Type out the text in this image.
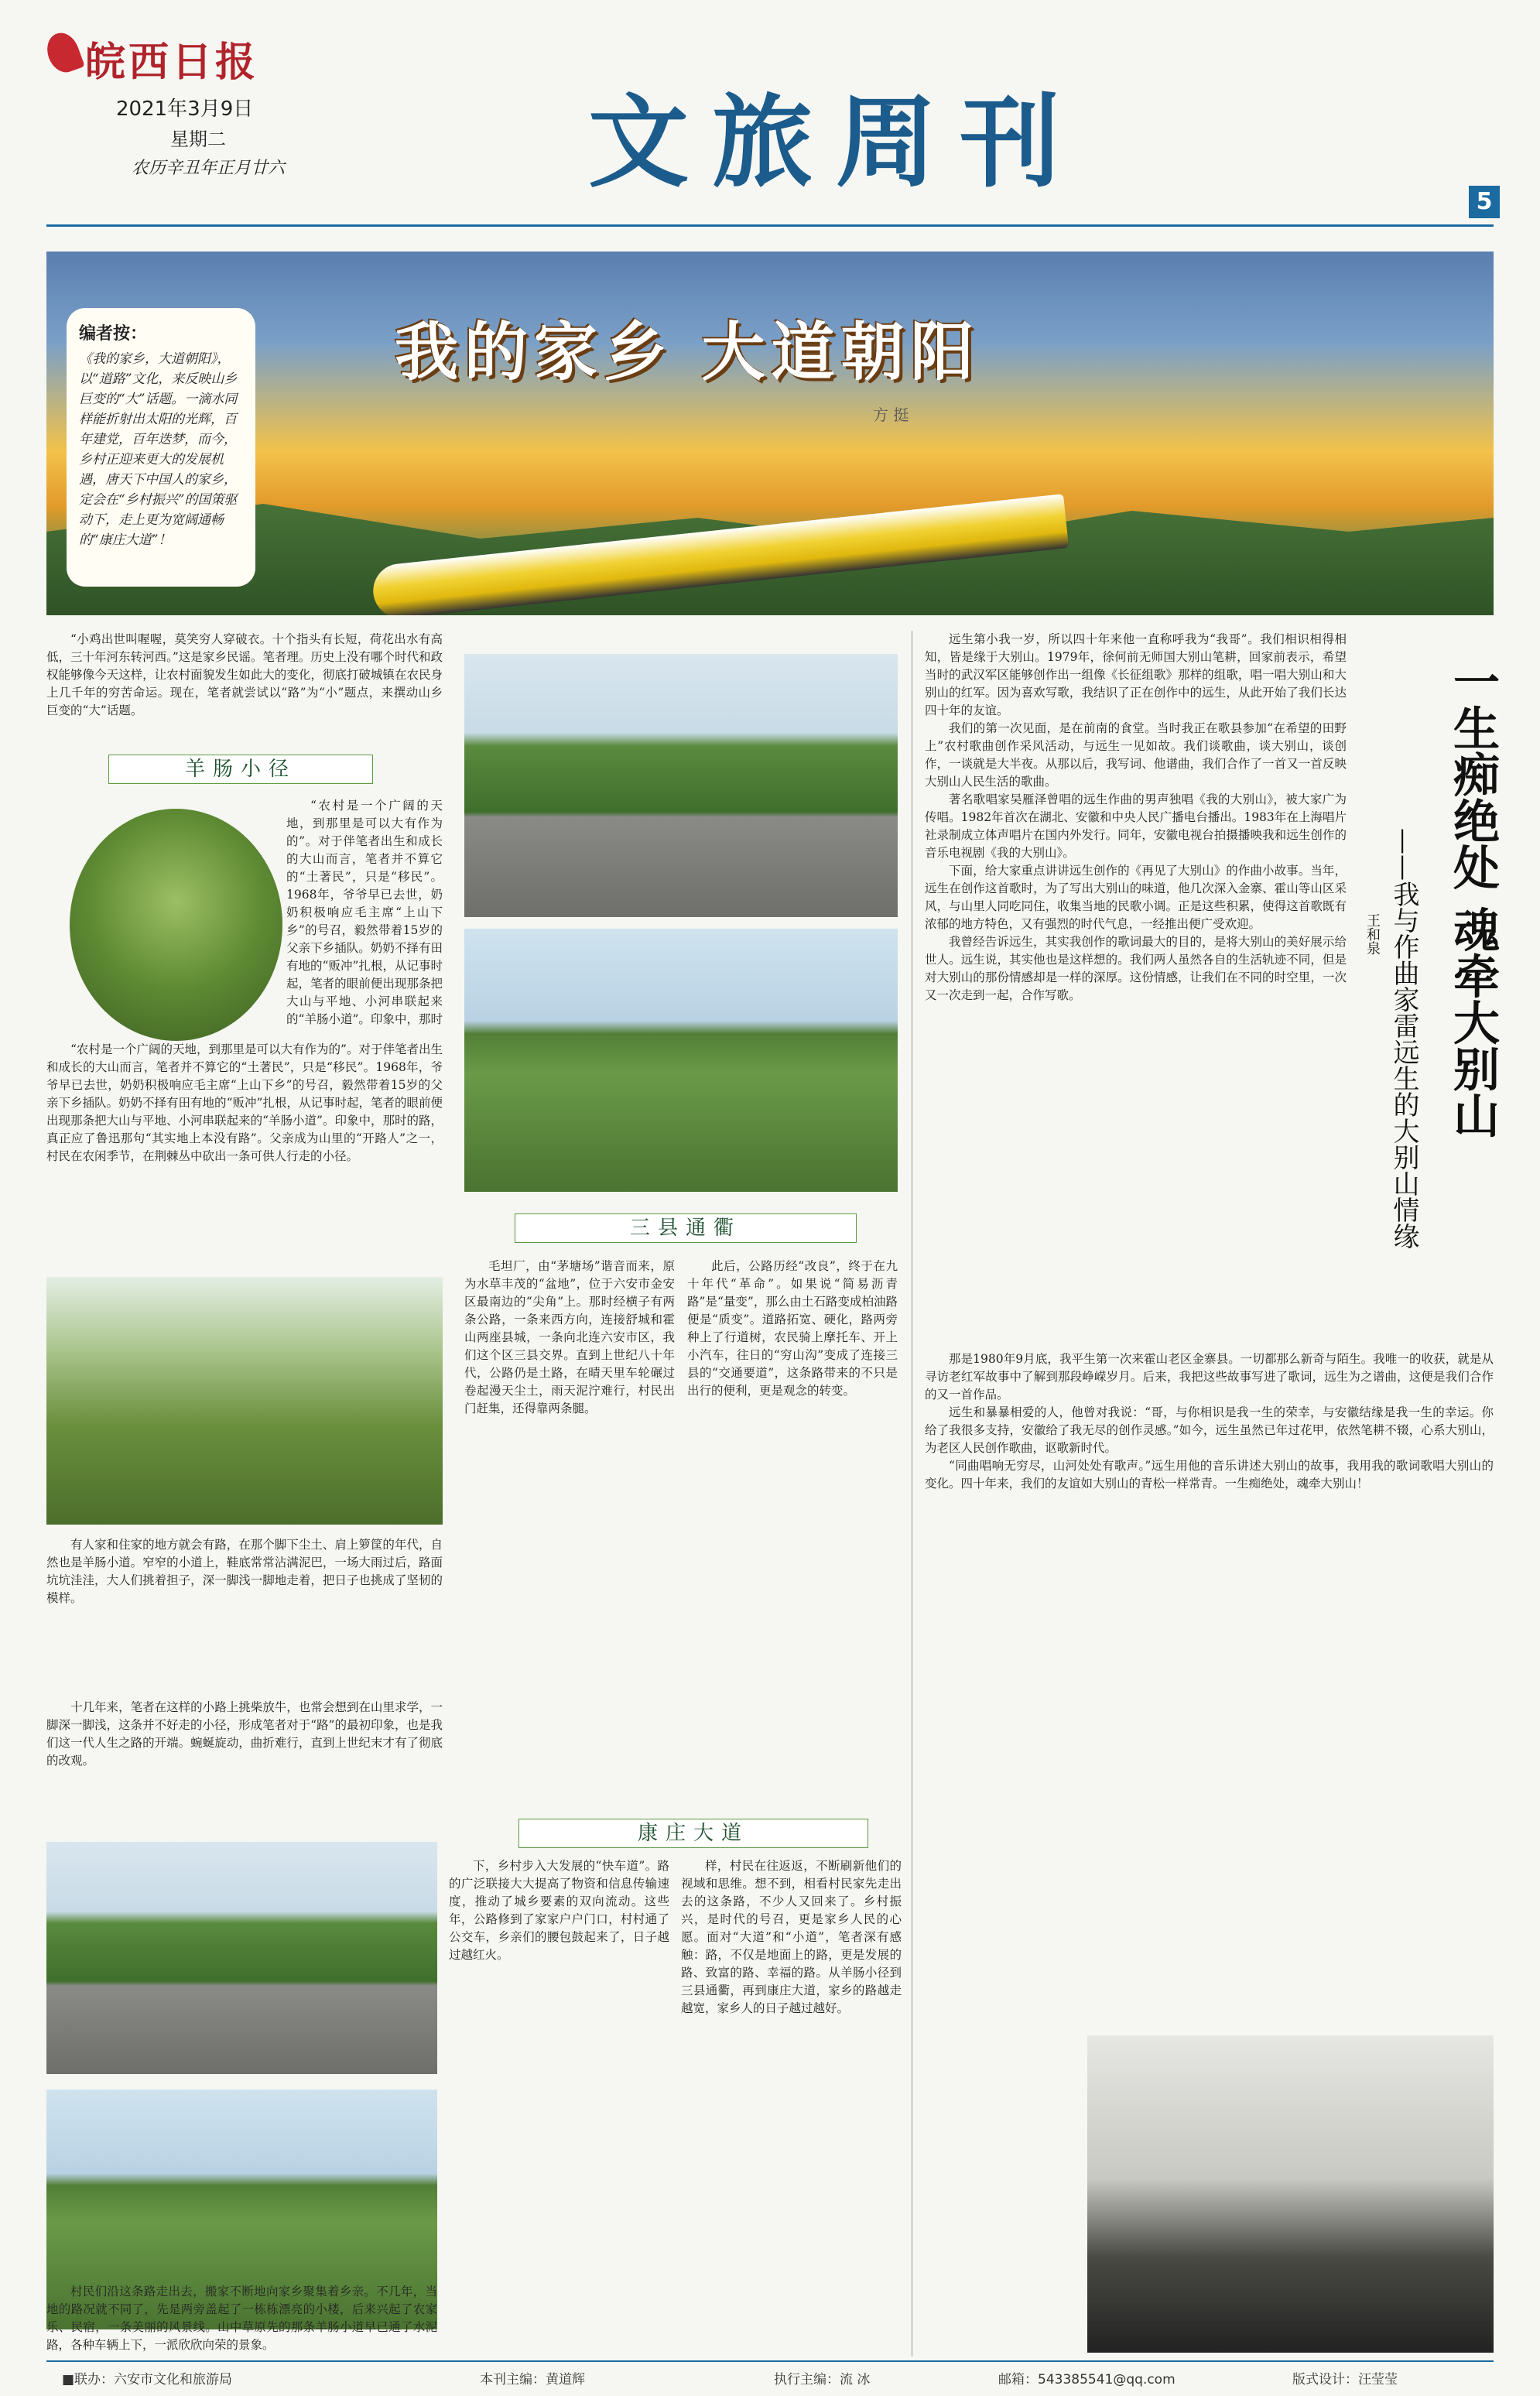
皖西日报
2021年3月9日
星期二
农历辛丑年正月廿六	文旅周刊
5
我的家乡 大道朝阳
方 挺
编者按：
《我的家乡，大道朝阳》，以“道路”文化，来反映山乡巨变的“大”话题。一滴水同样能折射出太阳的光辉，百年建党，百年迭梦，而今，乡村正迎来更大的发展机遇，唐天下中国人的家乡，定会在“乡村振兴”的国策驱动下，走上更为宽阔通畅的“康庄大道”！

“小鸡出世叫喔喔，莫笑穷人穿破衣。十个指头有长短，荷花出水有高低，三十年河东转河西。”这是家乡民谣。笔者理。历史上没有哪个时代和政权能够像今天这样，让农村面貌发生如此大的变化，彻底打破城镇在农民身上几千年的穷苦命运。现在，笔者就尝试以“路”为“小”题点，来撰动山乡巨变的“大”话题。

羊肠小径

“农村是一个广阔的天地，到那里是可以大有作为的”。对于伴笔者出生和成长的大山而言，笔者并不算它的“土著民”，只是“移民”。1968年，爷爷早已去世，奶奶积极响应毛主席“上山下乡”的号召，毅然带着15岁的父亲下乡插队。奶奶不择有田有地的“贩冲”扎根，从记事时起，笔者的眼前便出现那条把大山与平地、小河串联起来的“羊肠小道”。印象中，那时

“农村是一个广阔的天地，到那里是可以大有作为的”。对于伴笔者出生和成长的大山而言，笔者并不算它的“土著民”，只是“移民”。1968年，爷爷早已去世，奶奶积极响应毛主席“上山下乡”的号召，毅然带着15岁的父亲下乡插队。奶奶不择有田有地的“贩冲”扎根，从记事时起，笔者的眼前便出现那条把大山与平地、小河串联起来的“羊肠小道”。印象中，那时的路，真正应了鲁迅那句“其实地上本没有路”。父亲成为山里的“开路人”之一，村民在农闲季节，在荆棘丛中砍出一条可供人行走的小径。

有人家和住家的地方就会有路，在那个脚下尘土、肩上箩筐的年代，自然也是羊肠小道。窄窄的小道上，鞋底常常沾满泥巴，一场大雨过后，路面坑坑洼洼，大人们挑着担子，深一脚浅一脚地走着，把日子也挑成了坚韧的模样。

十几年来，笔者在这样的小路上挑柴放牛，也常会想到在山里求学，一脚深一脚浅，这条并不好走的小径，形成笔者对于“路”的最初印象，也是我们这一代人生之路的开端。蜿蜒旋动，曲折难行，直到上世纪末才有了彻底的改观。

三县通衢

毛坦厂，由“茅塘场”谐音而来，原为水草丰茂的“盆地”，位于六安市金安区最南边的“尖角”上。那时经横子有两条公路，一条来西方向，连接舒城和霍山两座县城，一条向北连六安市区，我们这个区三县交界。直到上世纪八十年代，公路仍是土路，在晴天里车轮碾过卷起漫天尘土，雨天泥泞难行，村民出门赶集，还得靠两条腿。

此后，公路历经“改良”，终于在九十年代“革命”。如果说“简易沥青路”是“量变”，那么由土石路变成柏油路便是“质变”。道路拓宽、硬化，路两旁种上了行道树，农民骑上摩托车、开上小汽车，往日的“穷山沟”变成了连接三县的“交通要道”，这条路带来的不只是出行的便利，更是观念的转变。

康庄大道

村民们沿这条路走出去，搬家不断地向家乡聚集着乡亲。不几年，当地的路况就不同了，先是两旁盖起了一栋栋漂亮的小楼，后来兴起了农家乐、民宿，一条美丽的风景线。山中草原先的那条羊肠小道早已通了水泥路，各种车辆上下，一派欣欣向荣的景象。

下，乡村步入大发展的“快车道”。路的广泛联接大大提高了物资和信息传输速度，推动了城乡要素的双向流动。这些年，公路修到了家家户户门口，村村通了公交车，乡亲们的腰包鼓起来了，日子越过越红火。

样，村民在往返返，不断刷新他们的视域和思维。想不到，相看村民家先走出去的这条路，不少人又回来了。乡村振兴，是时代的号召，更是家乡人民的心愿。面对“大道”和“小道”，笔者深有感触：路，不仅是地面上的路，更是发展的路、致富的路、幸福的路。从羊肠小径到三县通衢，再到康庄大道，家乡的路越走越宽，家乡人的日子越过越好。

一生痴绝处 魂牵大别山
——我与作曲家雷远生的大别山情缘
王和泉

远生第小我一岁，所以四十年来他一直称呼我为“我哥”。我们相识相得相知，皆是缘于大别山。1979年，徐何前无师国大别山笔耕，回家前表示，希望当时的武汉军区能够创作出一组像《长征组歌》那样的组歌，唱一唱大别山和大别山的红军。因为喜欢写歌，我结识了正在创作中的远生，从此开始了我们长达四十年的友谊。

我们的第一次见面，是在前南的食堂。当时我正在歌县参加“在希望的田野上”农村歌曲创作采风活动，与远生一见如故。我们谈歌曲，谈大别山，谈创作，一谈就是大半夜。从那以后，我写词、他谱曲，我们合作了一首又一首反映大别山人民生活的歌曲。

著名歌唱家吴雁泽曾唱的远生作曲的男声独唱《我的大别山》，被大家广为传唱。1982年首次在湖北、安徽和中央人民广播电台播出。1983年在上海唱片社录制成立体声唱片在国内外发行。同年，安徽电视台拍摄播映我和远生创作的音乐电视剧《我的大别山》。

下面，给大家重点讲讲远生创作的《再见了大别山》的作曲小故事。当年，远生在创作这首歌时，为了写出大别山的味道，他几次深入金寨、霍山等山区采风，与山里人同吃同住，收集当地的民歌小调。正是这些积累，使得这首歌既有浓郁的地方特色，又有强烈的时代气息，一经推出便广受欢迎。

我曾经告诉远生，其实我创作的歌词最大的目的，是将大别山的美好展示给世人。远生说，其实他也是这样想的。我们两人虽然各自的生活轨迹不同，但是对大别山的那份情感却是一样的深厚。这份情感，让我们在不同的时空里，一次又一次走到一起，合作写歌。

那是1980年9月底，我平生第一次来霍山老区金寨县。一切都那么新奇与陌生。我唯一的收获，就是从寻访老红军故事中了解到那段峥嵘岁月。后来，我把这些故事写进了歌词，远生为之谱曲，这便是我们合作的又一首作品。

远生和暴暴相爱的人，他曾对我说：“哥，与你相识是我一生的荣幸，与安徽结缘是我一生的幸运。你给了我很多支持，安徽给了我无尽的创作灵感。”如今，远生虽然已年过花甲，依然笔耕不辍，心系大别山，为老区人民创作歌曲，讴歌新时代。

“同曲唱响无穷尽，山河处处有歌声。”远生用他的音乐讲述大别山的故事，我用我的歌词歌唱大别山的变化。四十年来，我们的友谊如大别山的青松一样常青。一生痴绝处，魂牵大别山！

■联办：六安市文化和旅游局	本刊主编：黄道辉	执行主编：流 冰	邮箱：543385541@qq.com	版式设计：汪莹莹
